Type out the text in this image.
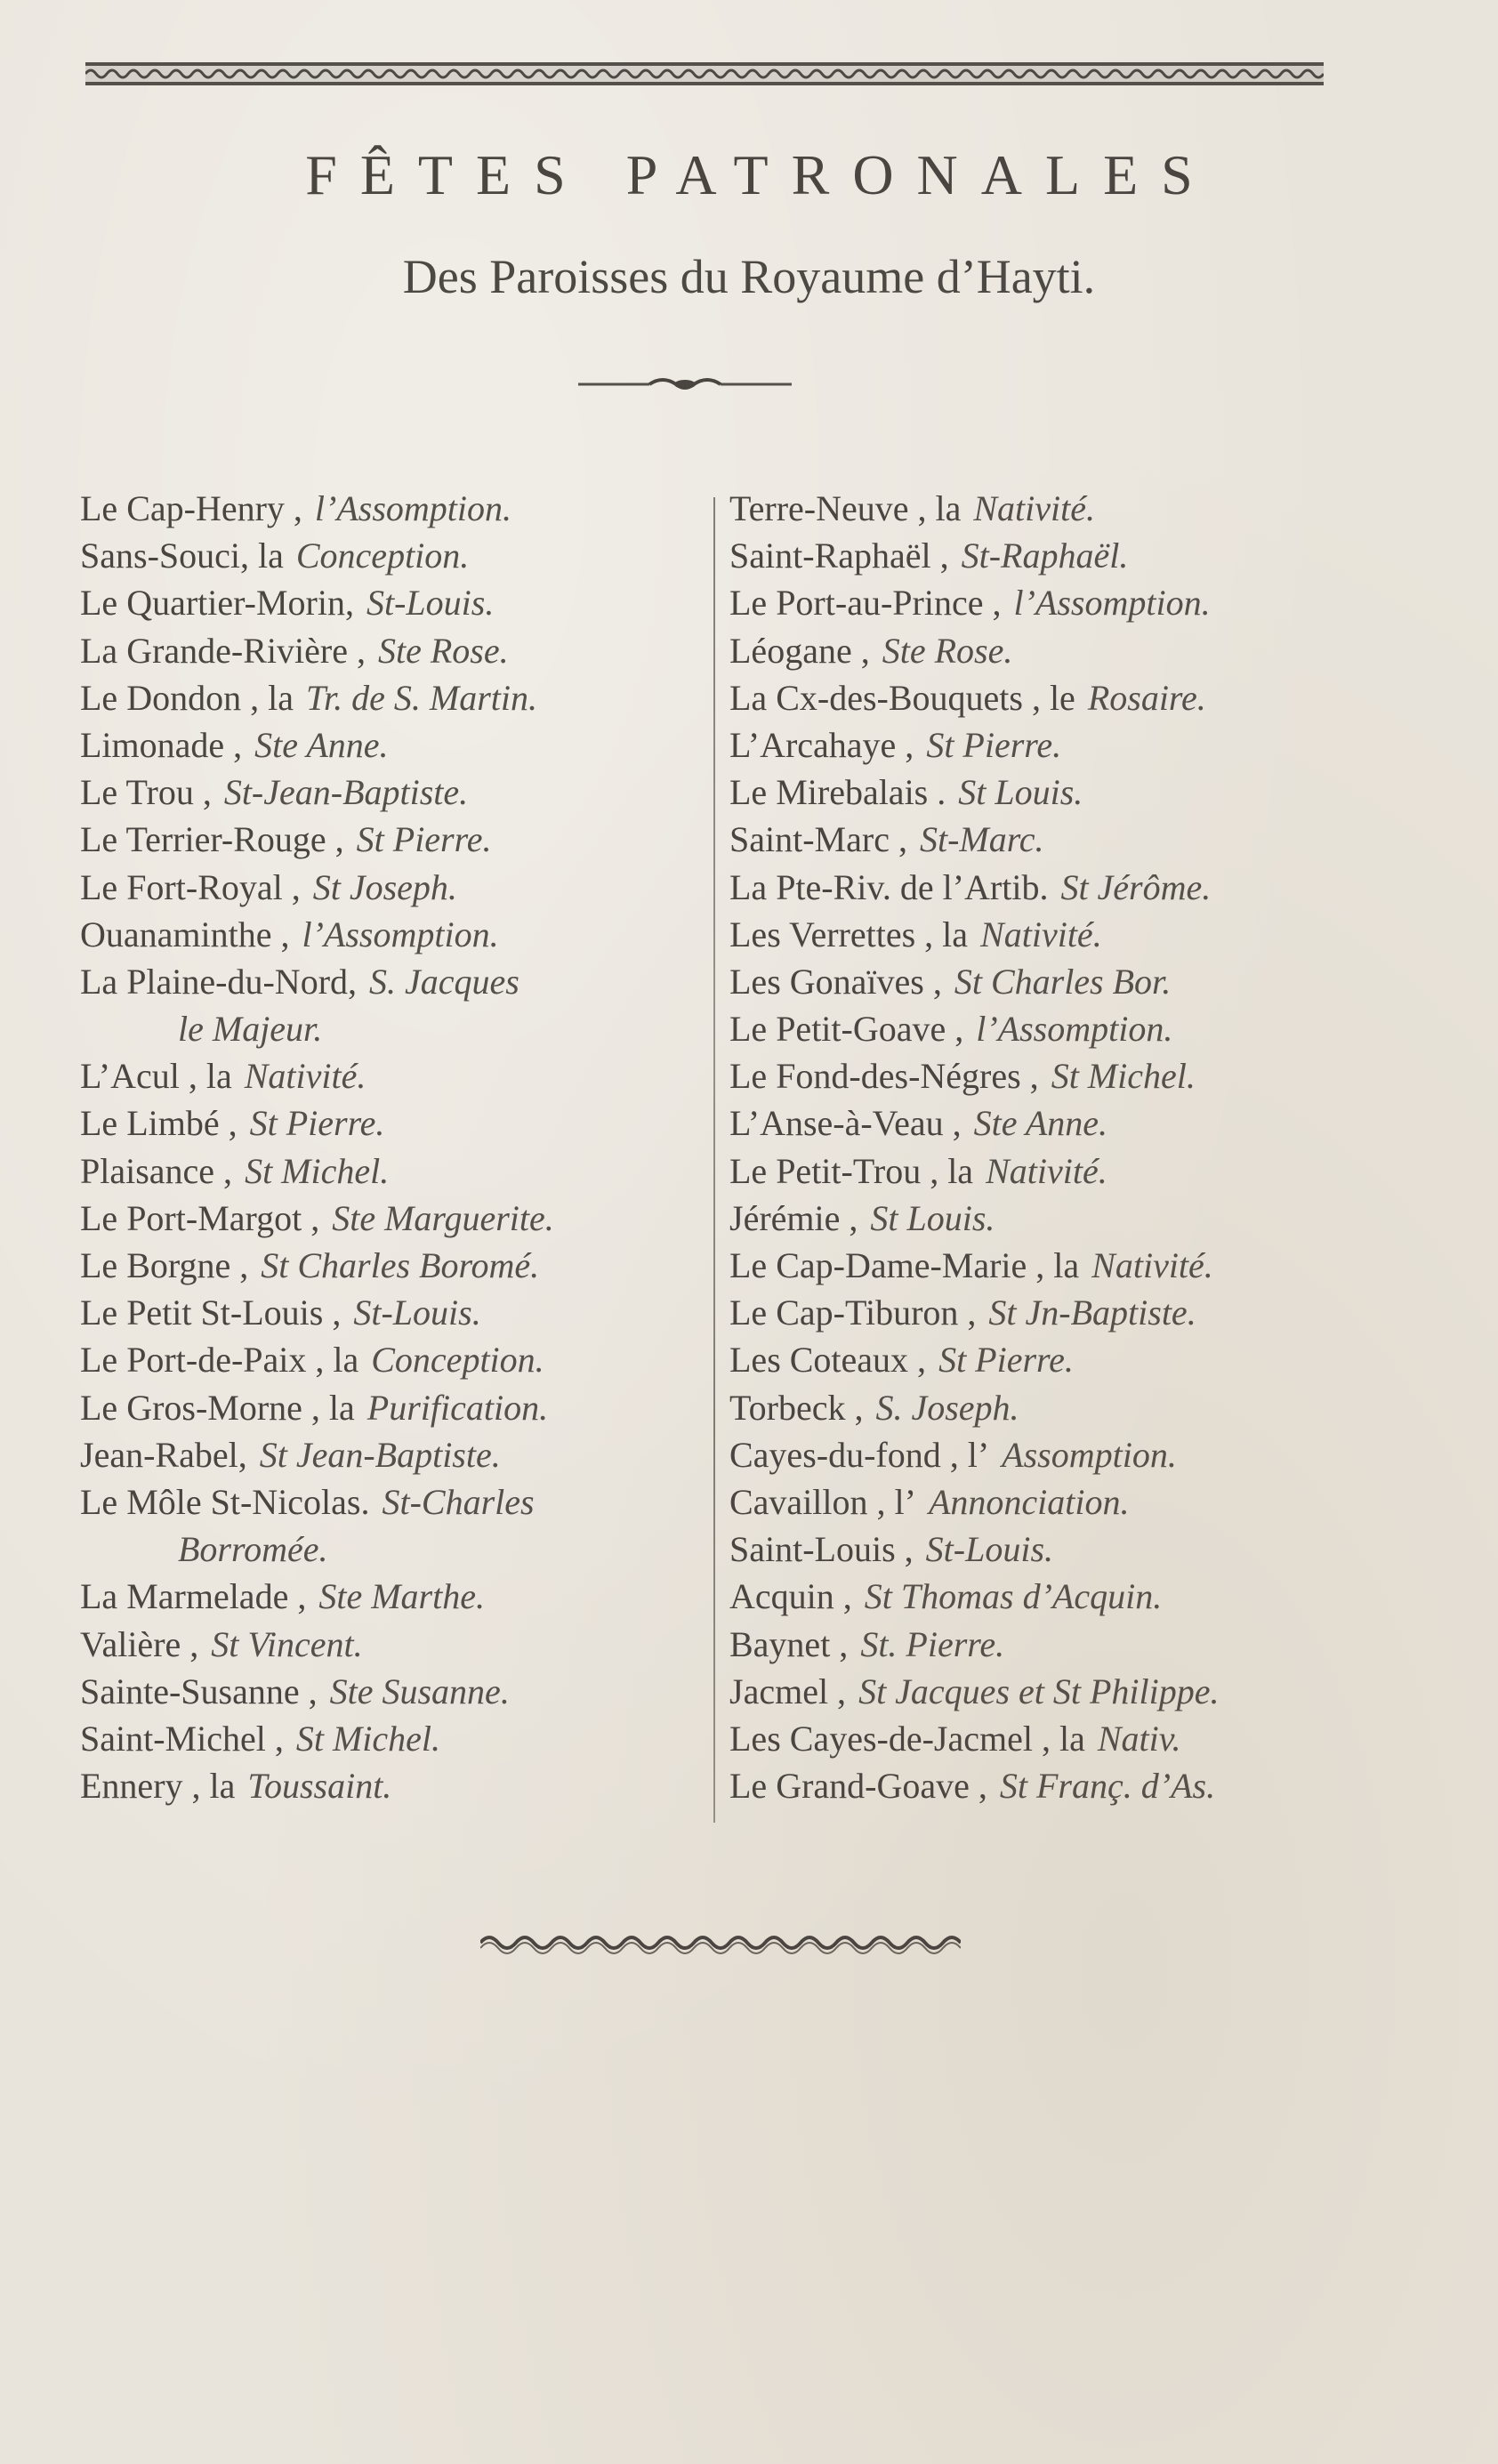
FÊTES PATRONALES

Des Paroisses du Royaume d’Hayti.

Le Cap-Henry , l’Assomption.
Sans-Souci, la Conception.
Le Quartier-Morin, St-Louis.
La Grande-Rivière , Ste Rose.
Le Dondon , la Tr. de S. Martin.
Limonade , Ste Anne.
Le Trou , St-Jean-Baptiste.
Le Terrier-Rouge , St Pierre.
Le Fort-Royal , St Joseph.
Ouanaminthe , l’Assomption.
La Plaine-du-Nord, S. Jacques
le Majeur.
L’Acul , la Nativité.
Le Limbé , St Pierre.
Plaisance , St Michel.
Le Port-Margot , Ste Marguerite.
Le Borgne , St Charles Boromé.
Le Petit St-Louis , St-Louis.
Le Port-de-Paix , la Conception.
Le Gros-Morne , la Purification.
Jean-Rabel, St Jean-Baptiste.
Le Môle St-Nicolas. St-Charles
Borromée.
La Marmelade , Ste Marthe.
Valière , St Vincent.
Sainte-Susanne , Ste Susanne.
Saint-Michel , St Michel.
Ennery , la Toussaint.
Terre-Neuve , la Nativité.
Saint-Raphaël , St-Raphaël.
Le Port-au-Prince , l’Assomption.
Léogane , Ste Rose.
La Cx-des-Bouquets , le Rosaire.
L’Arcahaye , St Pierre.
Le Mirebalais . St Louis.
Saint-Marc , St-Marc.
La Pte-Riv. de l’Artib. St Jérôme.
Les Verrettes , la Nativité.
Les Gonaïves , St Charles Bor.
Le Petit-Goave , l’Assomption.
Le Fond-des-Négres , St Michel.
L’Anse-à-Veau , Ste Anne.
Le Petit-Trou , la Nativité.
Jérémie , St Louis.
Le Cap-Dame-Marie , la Nativité.
Le Cap-Tiburon , St Jn-Baptiste.
Les Coteaux , St Pierre.
Torbeck , S. Joseph.
Cayes-du-fond , l’ Assomption.
Cavaillon , l’ Annonciation.
Saint-Louis , St-Louis.
Acquin , St Thomas d’Acquin.
Baynet , St. Pierre.
Jacmel , St Jacques et St Philippe.
Les Cayes-de-Jacmel , la Nativ.
Le Grand-Goave , St Franç. d’As.
